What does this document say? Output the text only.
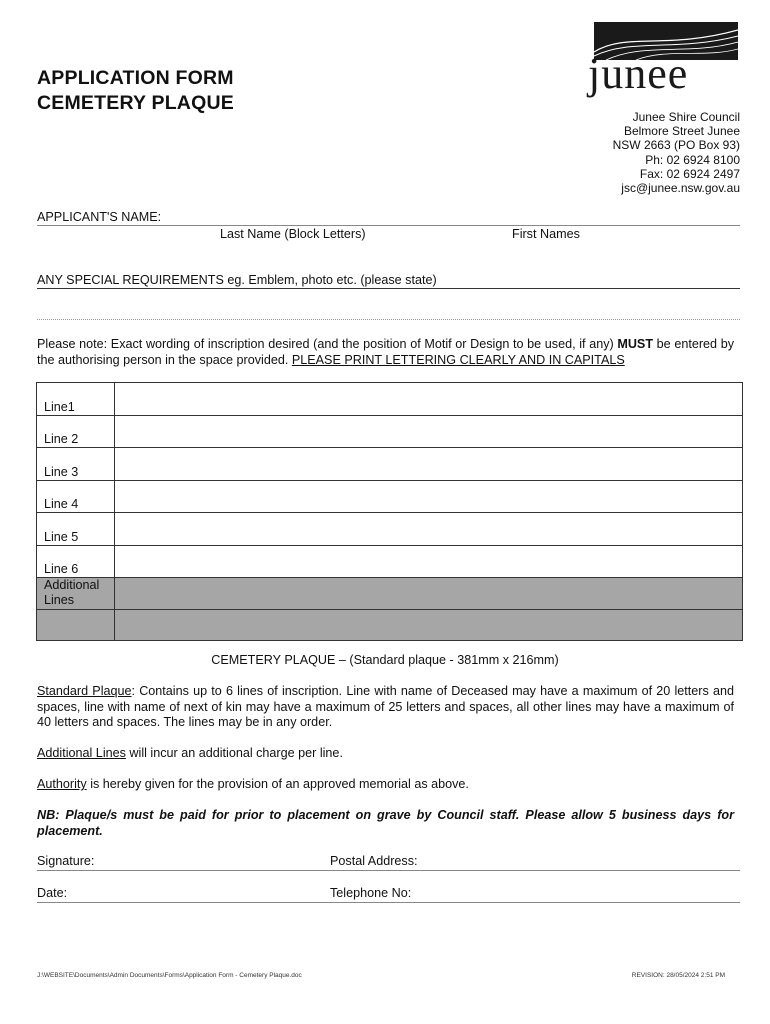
APPLICATION FORM
CEMETERY PLAQUE
junee
Junee Shire Council
Belmore Street Junee
NSW 2663 (PO Box 93)
Ph: 02 6924 8100
Fax: 02 6924 2497
jsc@junee.nsw.gov.au
APPLICANT'S NAME:
Last Name (Block Letters)	First Names
ANY SPECIAL REQUIREMENTS eg. Emblem, photo etc. (please state)
Please note: Exact wording of inscription desired (and the position of Motif or Design to be used, if any) MUST be entered by the authorising person in the space provided. PLEASE PRINT LETTERING CLEARLY AND IN CAPITALS
Line1	
Line 2	
Line 3	
Line 4	
Line 5	
Line 6	
Additional Lines	

CEMETERY PLAQUE – (Standard plaque - 381mm x 216mm)
Standard Plaque: Contains up to 6 lines of inscription. Line with name of Deceased may have a maximum of 20 letters and spaces, line with name of next of kin may have a maximum of 25 letters and spaces, all other lines may have a maximum of 40 letters and spaces. The lines may be in any order.
Additional Lines will incur an additional charge per line.
Authority is hereby given for the provision of an approved memorial as above.
NB: Plaque/s must be paid for prior to placement on grave by Council staff. Please allow 5 business days for placement.
Signature:	Postal Address:
Date:	Telephone No:
J:\WEBSITE\Documents\Admin Documents\Forms\Application Form - Cemetery Plaque.doc	REVISION: 28/05/2024 2:51 PM
